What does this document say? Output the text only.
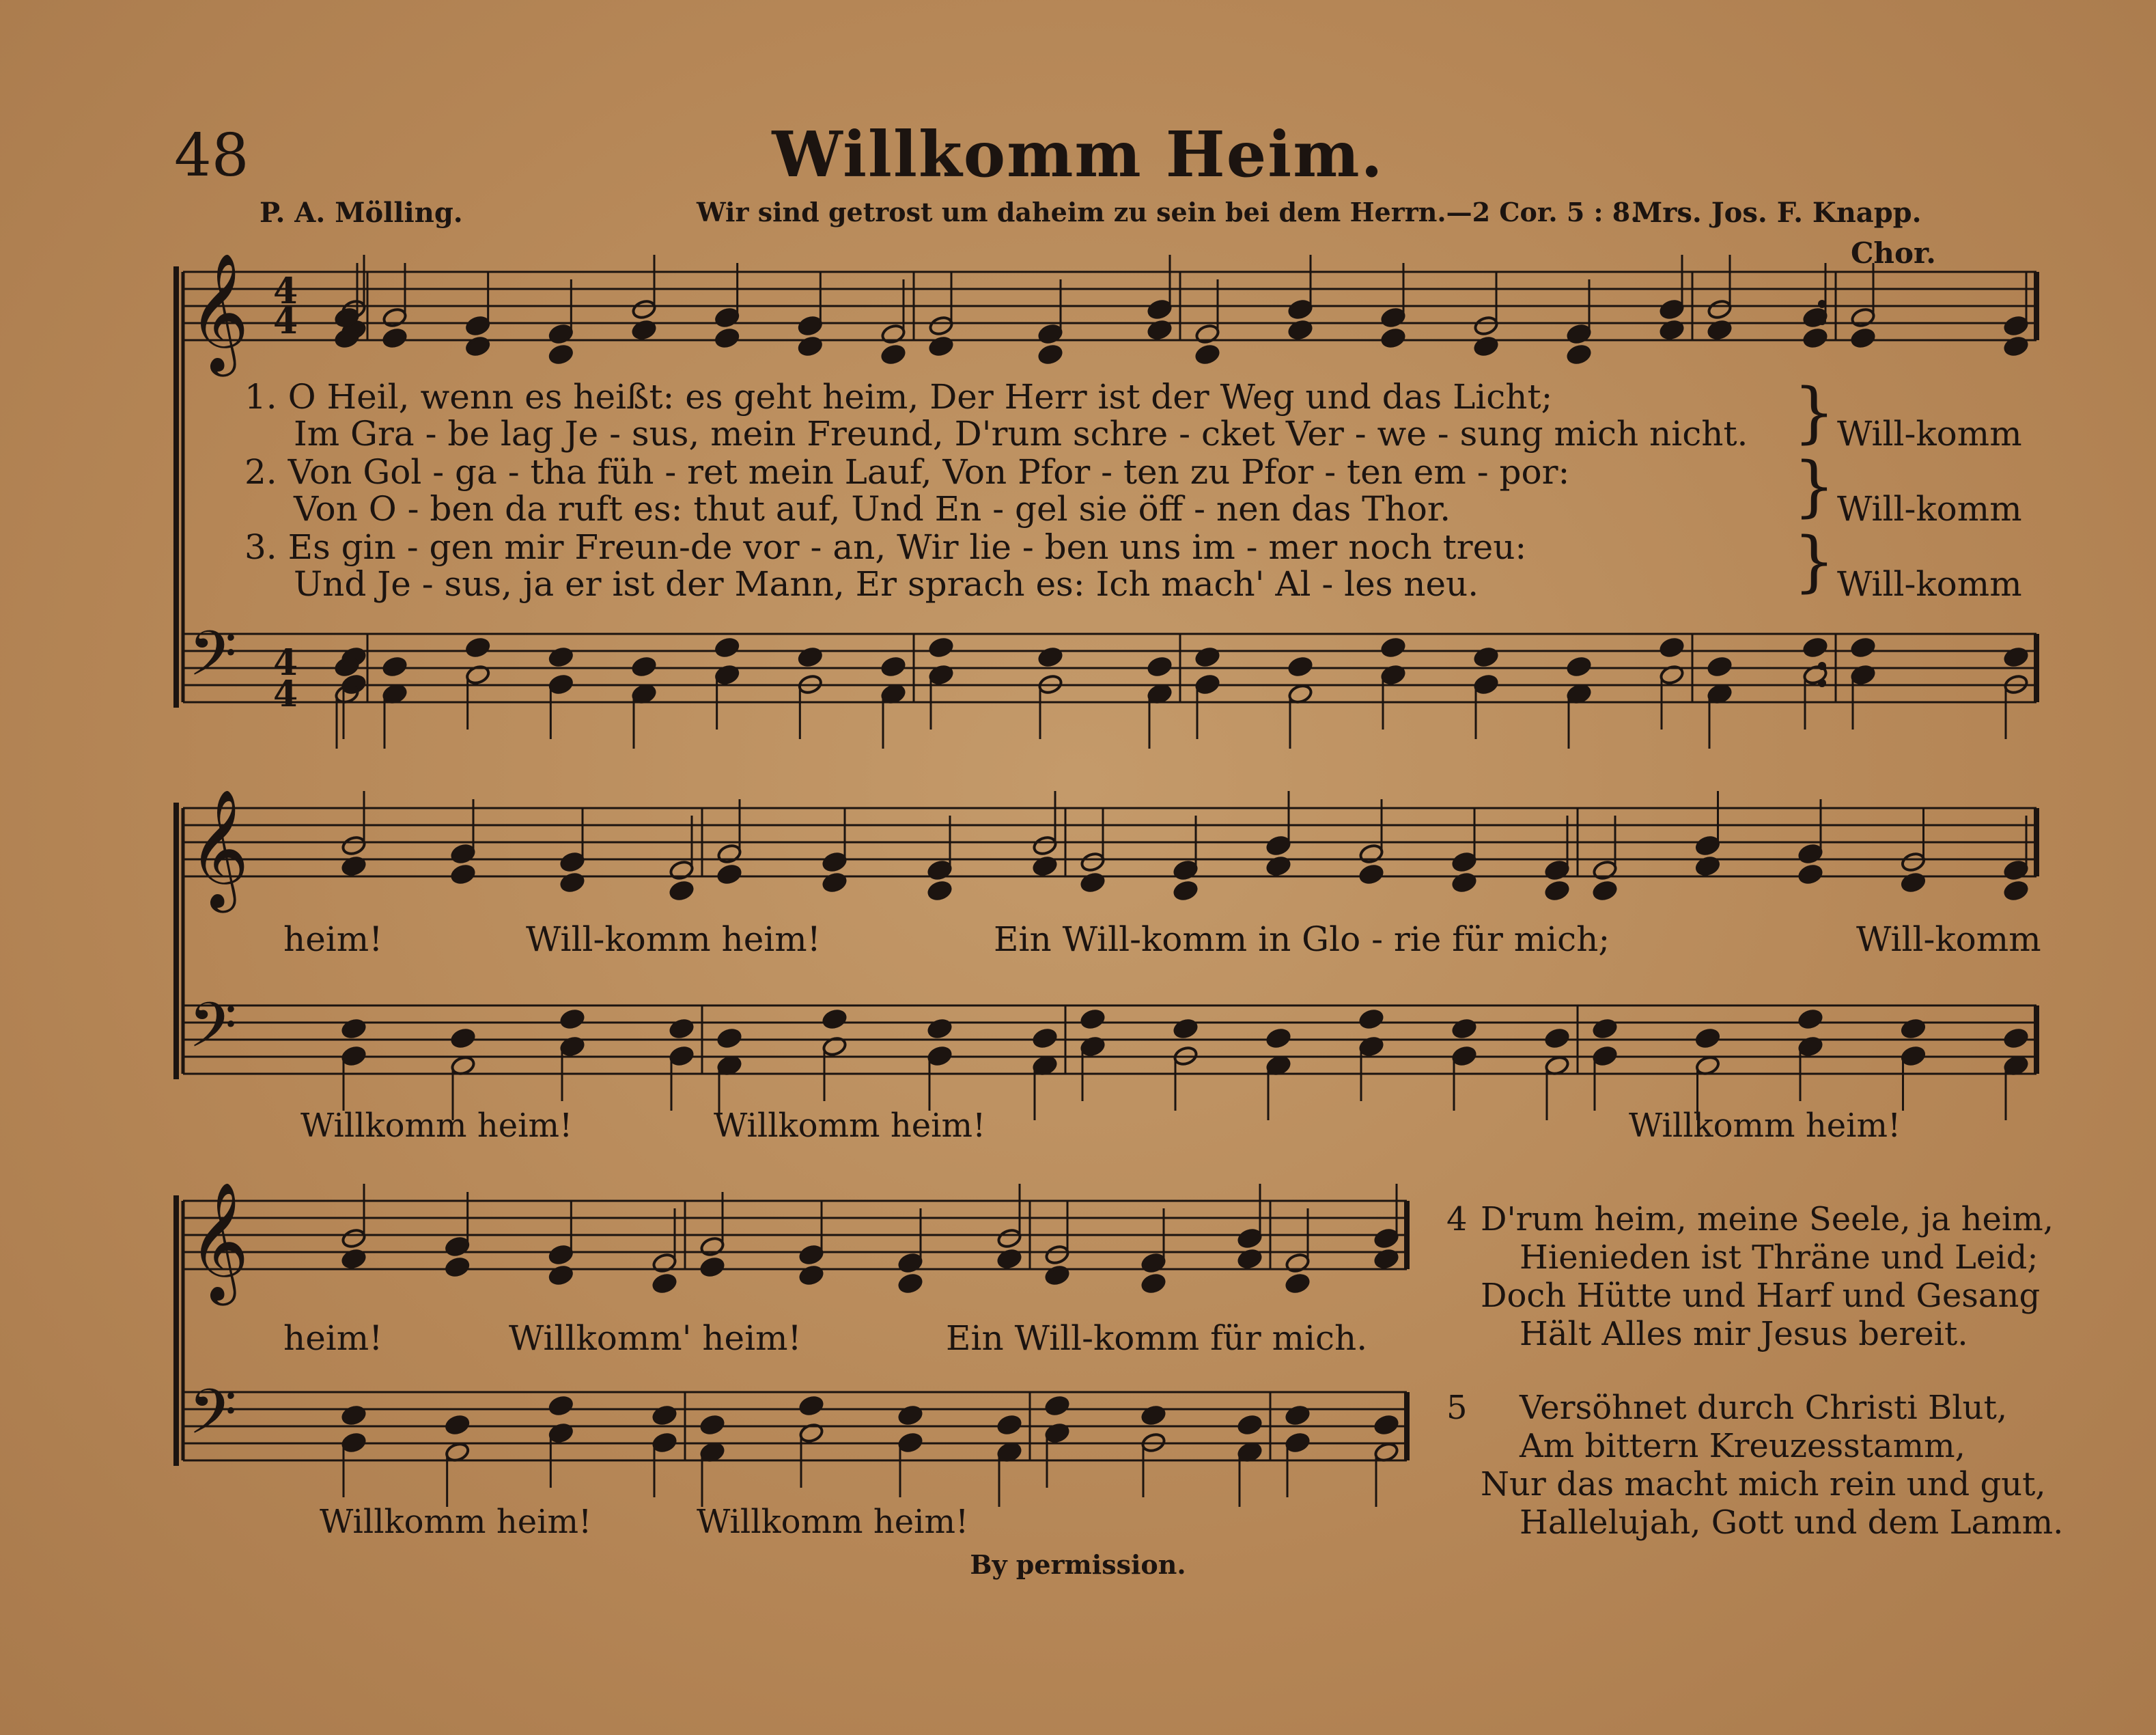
48	Willkomm Heim.
P. A. Mölling.	Wir sind getrost um daheim zu sein bei dem Herrn.—2 Cor. 5 : 8.
Mrs. Jos. F. Knapp.
Chor.
𝄞
𝄢
𝄞
𝄢
𝄞
𝄢
4
4
4
4
1. O Heil, wenn es heißt: es geht heim, Der Herr ist der Weg und das Licht;
Im Gra - be lag Je - sus, mein Freund, D'rum schre - cket Ver - we - sung mich nicht.	Will-komm
2. Von Gol - ga - tha füh - ret mein Lauf, Von Pfor - ten zu Pfor - ten em - por:
Von O - ben da ruft es: thut auf, Und En - gel sie öff - nen das Thor.	Will-komm
3. Es gin - gen mir Freun-de vor - an, Wir lie - ben uns im - mer noch treu:
Und Je - sus, ja er ist der Mann, Er sprach es: Ich mach' Al - les neu.	Will-komm
}
}
}
heim!	Will-komm heim!	Ein Will-komm in Glo - rie für mich;	Will-komm
Willkomm heim!	Willkomm heim!	Willkomm heim!
heim!	Willkomm' heim!	Ein Will-komm für mich.
Willkomm heim!	Willkomm heim!
4 D'rum heim, meine Seele, ja heim,
Hienieden ist Thräne und Leid;
Doch Hütte und Harf und Gesang
Hält Alles mir Jesus bereit.
5 Versöhnet durch Christi Blut,
Am bittern Kreuzesstamm,
Nur das macht mich rein und gut,
Hallelujah, Gott und dem Lamm.
By permission.
